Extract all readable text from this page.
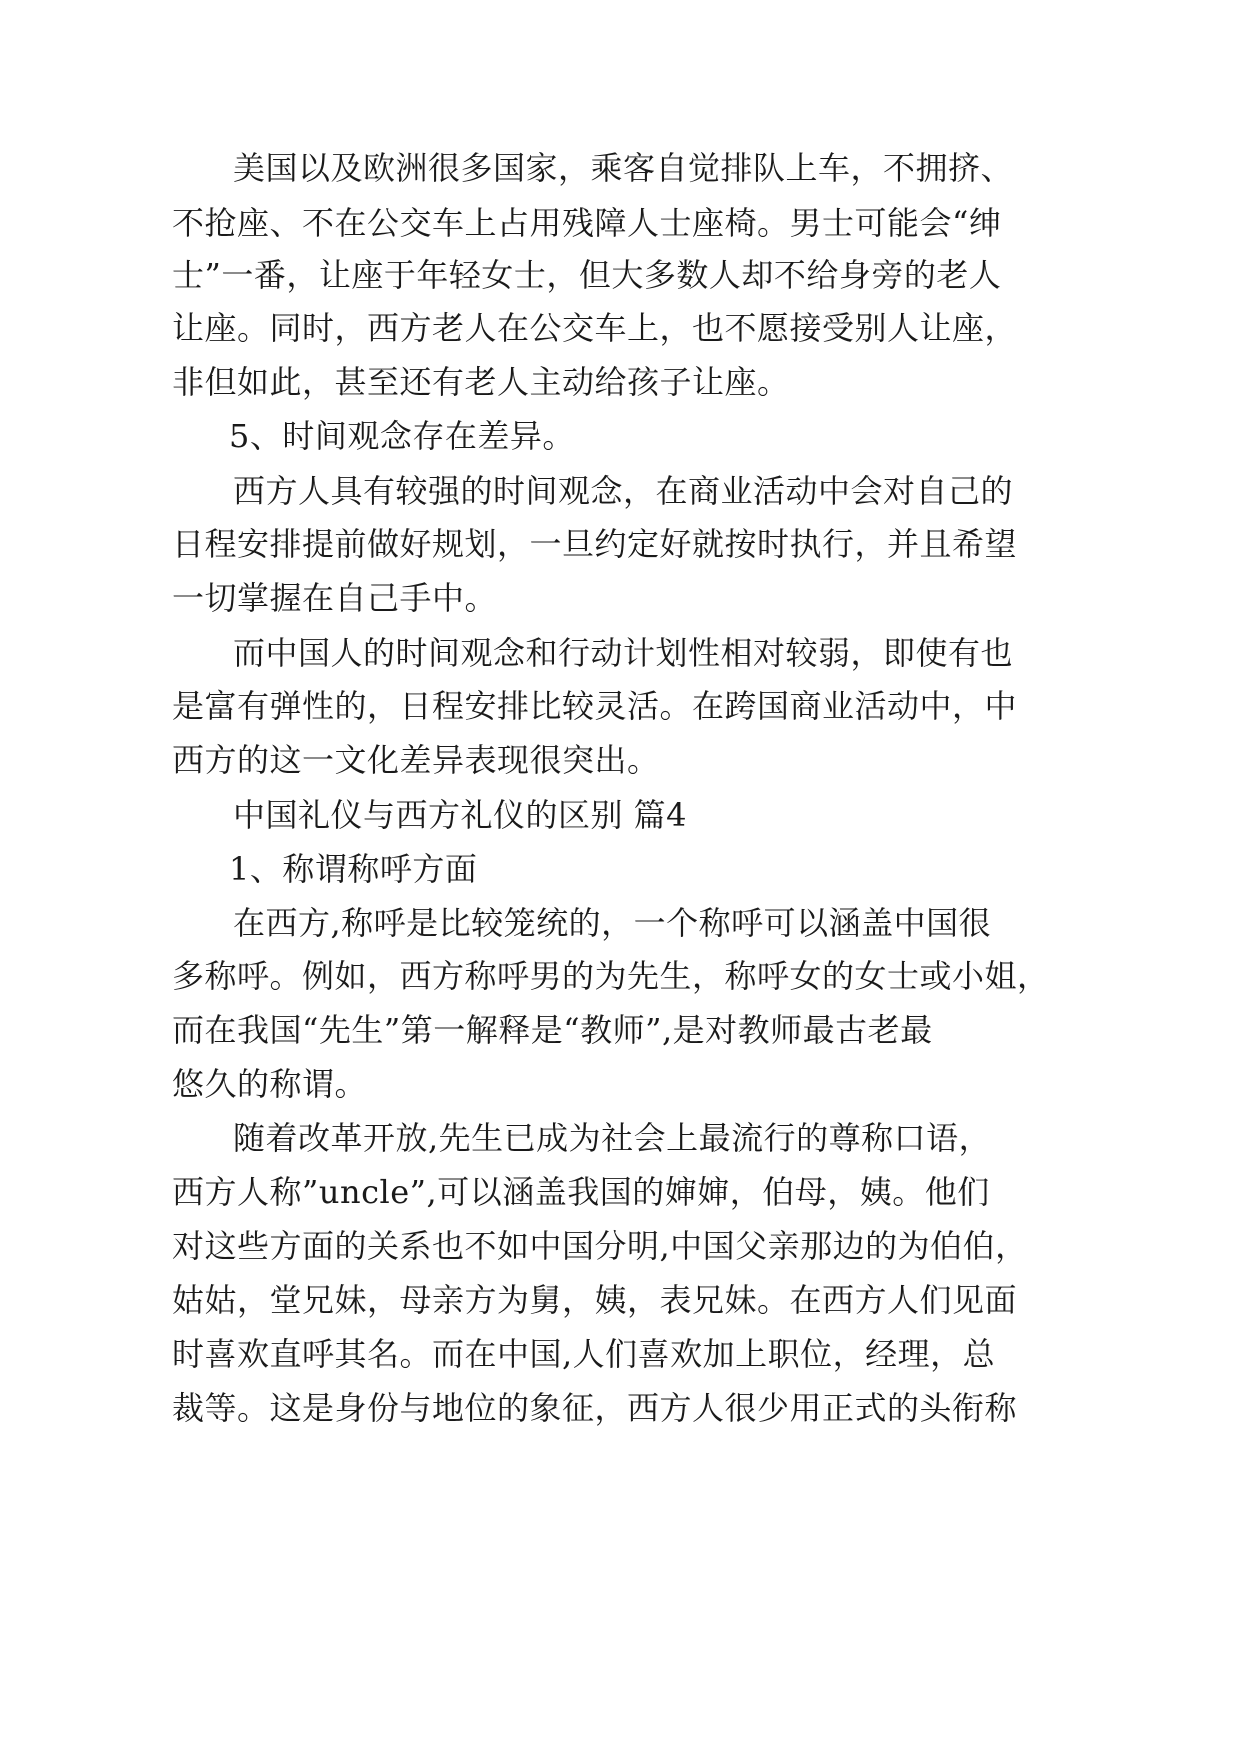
美国以及欧洲很多国家，乘客自觉排队上车，不拥挤、
不抢座、不在公交车上占用残障人士座椅。男士可能会“绅
士”一番，让座于年轻女士，但大多数人却不给身旁的老人
让座。同时，西方老人在公交车上，也不愿接受别人让座，
非但如此，甚至还有老人主动给孩子让座。
5、时间观念存在差异。
西方人具有较强的时间观念，在商业活动中会对自己的
日程安排提前做好规划，一旦约定好就按时执行，并且希望
一切掌握在自己手中。
而中国人的时间观念和行动计划性相对较弱，即使有也
是富有弹性的，日程安排比较灵活。在跨国商业活动中，中
西方的这一文化差异表现很突出。
中国礼仪与西方礼仪的区别 篇4
1、称谓称呼方面
在西方,称呼是比较笼统的，一个称呼可以涵盖中国很
多称呼。例如，西方称呼男的为先生，称呼女的女士或小姐，
而在我国“先生”第一解释是“教师”,是对教师最古老最
悠久的称谓。
随着改革开放,先生已成为社会上最流行的尊称口语，
西方人称”uncle”,可以涵盖我国的婶婶，伯母，姨。他们
对这些方面的关系也不如中国分明,中国父亲那边的为伯伯，
姑姑，堂兄妹，母亲方为舅，姨，表兄妹。在西方人们见面
时喜欢直呼其名。而在中国,人们喜欢加上职位，经理，总
裁等。这是身份与地位的象征，西方人很少用正式的头衔称
